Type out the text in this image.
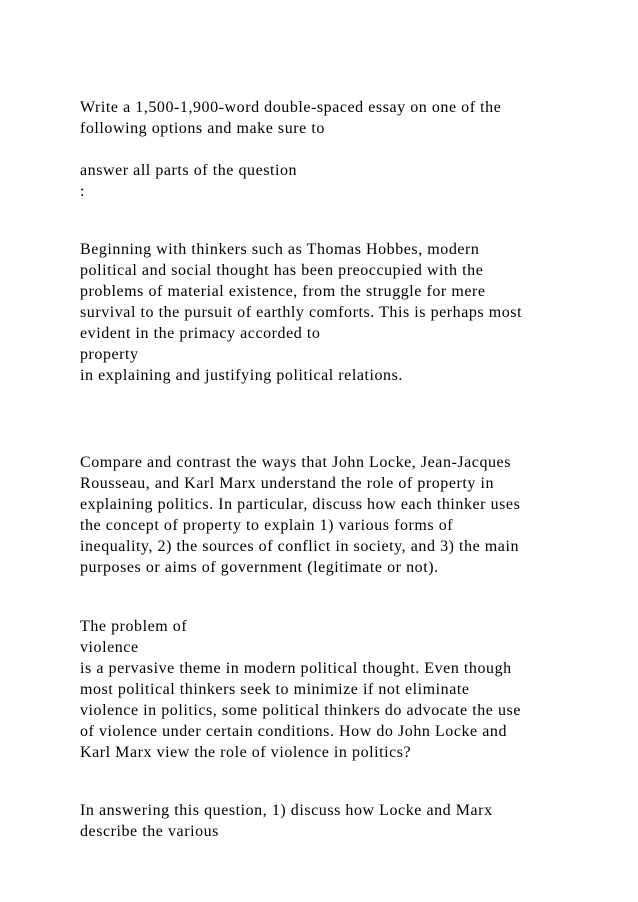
Write a 1,500-1,900-word double-spaced essay on one of the
following options and make sure to
answer all parts of the question
:
Beginning with thinkers such as Thomas Hobbes, modern
political and social thought has been preoccupied with the
problems of material existence, from the struggle for mere
survival to the pursuit of earthly comforts. This is perhaps most
evident in the primacy accorded to
property
in explaining and justifying political relations.
Compare and contrast the ways that John Locke, Jean-Jacques
Rousseau, and Karl Marx understand the role of property in
explaining politics. In particular, discuss how each thinker uses
the concept of property to explain 1) various forms of
inequality, 2) the sources of conflict in society, and 3) the main
purposes or aims of government (legitimate or not).
The problem of
violence
is a pervasive theme in modern political thought. Even though
most political thinkers seek to minimize if not eliminate
violence in politics, some political thinkers do advocate the use
of violence under certain conditions. How do John Locke and
Karl Marx view the role of violence in politics?
In answering this question, 1) discuss how Locke and Marx
describe the various
